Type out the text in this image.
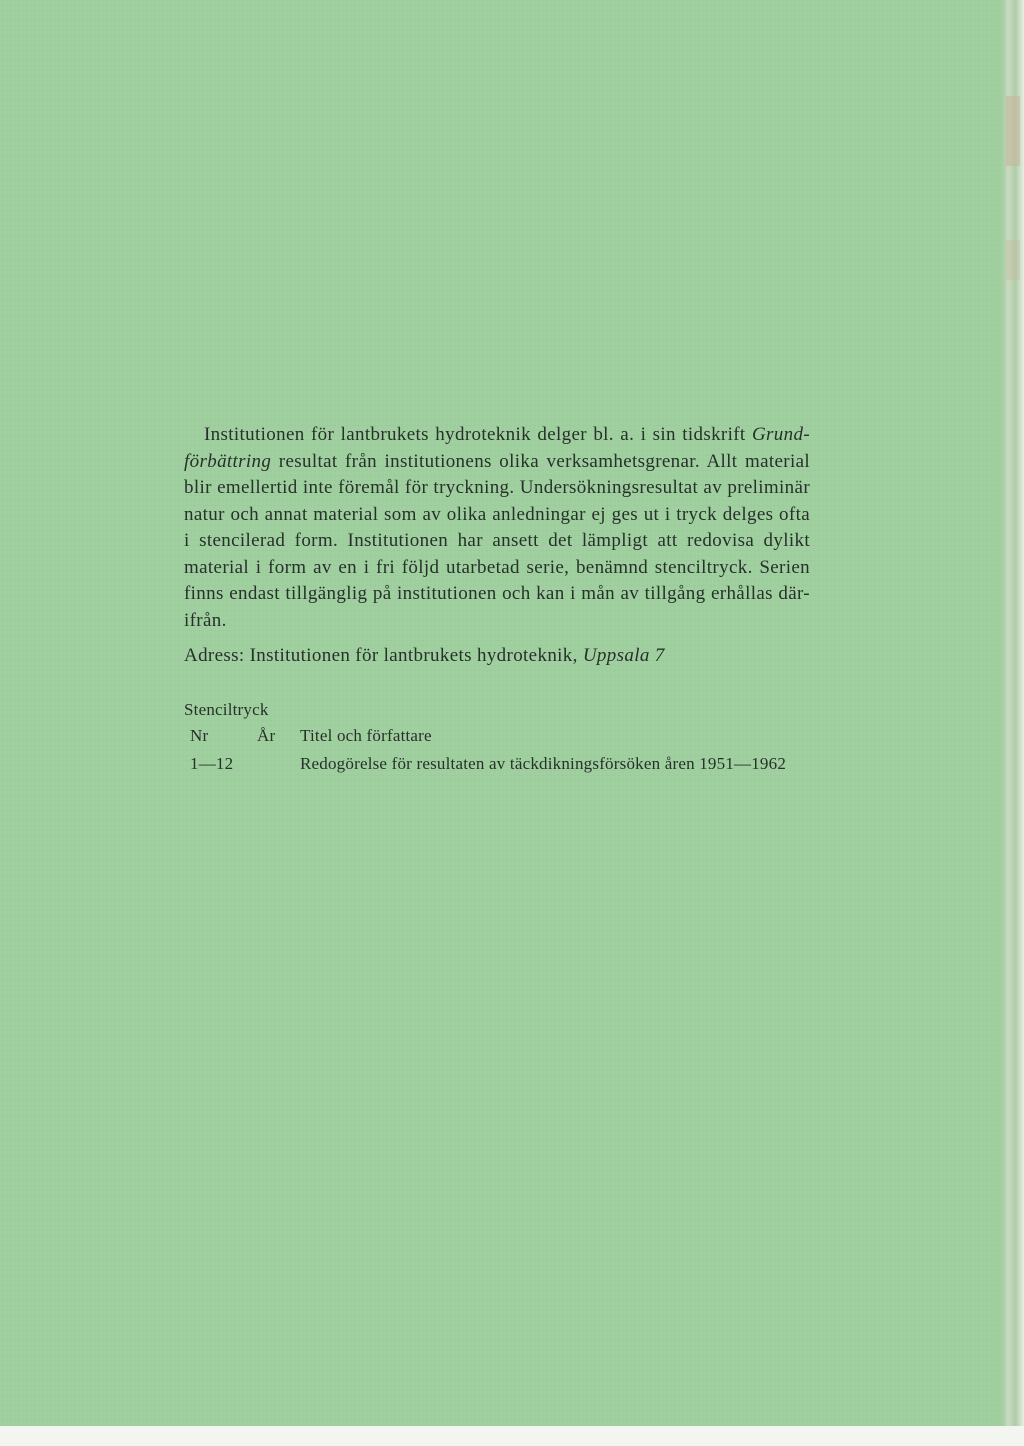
Institutionen för lantbrukets hydroteknik delger bl. a. i sin tidskrift Grund-förbättring resultat från institutionens olika verksamhetsgrenar. Allt material blir emellertid inte föremål för tryckning. Undersökningsresultat av preliminär natur och annat material som av olika anledningar ej ges ut i tryck delges ofta i stencilerad form. Institutionen har ansett det lämpligt att redovisa dylikt material i form av en i fri följd utarbetad serie, benämnd stenciltryck. Serien finns endast tillgänglig på institutionen och kan i mån av tillgång erhållas där-ifrån.

Adress: Institutionen för lantbrukets hydroteknik, Uppsala 7

Stenciltryck
Nr	År Titel och författare
1—12	Redogörelse för resultaten av täckdikningsförsöken åren 1951—1962
